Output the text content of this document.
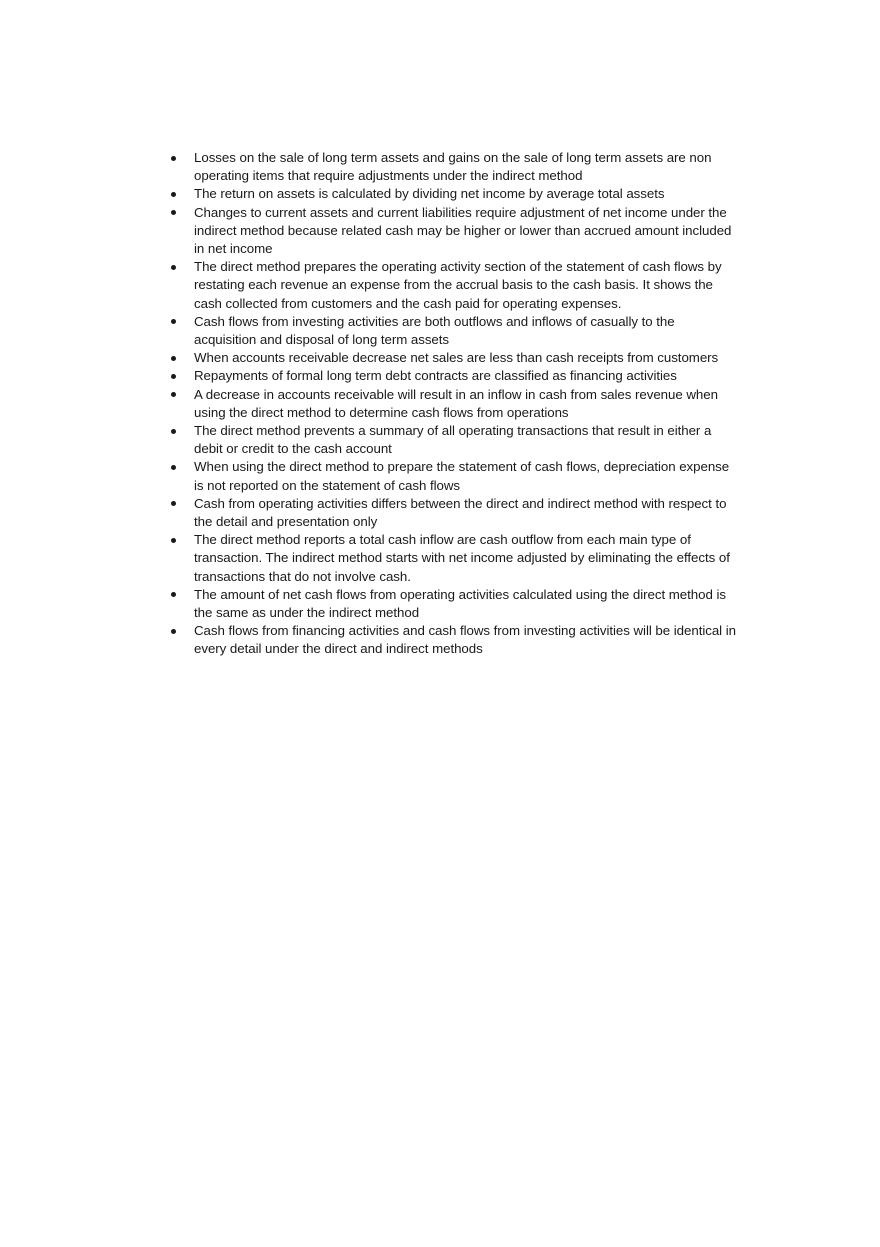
Losses on the sale of long term assets and gains on the sale of long term assets are non operating items that require adjustments under the indirect method
The return on assets is calculated by dividing net income by average total assets
Changes to current assets and current liabilities require adjustment of net income under the indirect method because related cash may be higher or lower than accrued amount included in net income
The direct method prepares the operating activity section of the statement of cash flows by restating each revenue an expense from the accrual basis to the cash basis. It shows the cash collected from customers and the cash paid for operating expenses.
Cash flows from investing activities are both outflows and inflows of casually to the acquisition and disposal of long term assets
When accounts receivable decrease net sales are less than cash receipts from customers
Repayments of formal long term debt contracts are classified as financing activities
A decrease in accounts receivable will result in an inflow in cash from sales revenue when using the direct method to determine cash flows from operations
The direct method prevents a summary of all operating transactions that result in either a debit or credit to the cash account
When using the direct method to prepare the statement of cash flows, depreciation expense is not reported on the statement of cash flows
Cash from operating activities differs between the direct and indirect method with respect to the detail and presentation only
The direct method reports a total cash inflow are cash outflow from each main type of transaction. The indirect method starts with net income adjusted by eliminating the effects of transactions that do not involve cash.
The amount of net cash flows from operating activities calculated using the direct method is the same as under the indirect method
Cash flows from financing activities and cash flows from investing activities will be identical in every detail under the direct and indirect methods
